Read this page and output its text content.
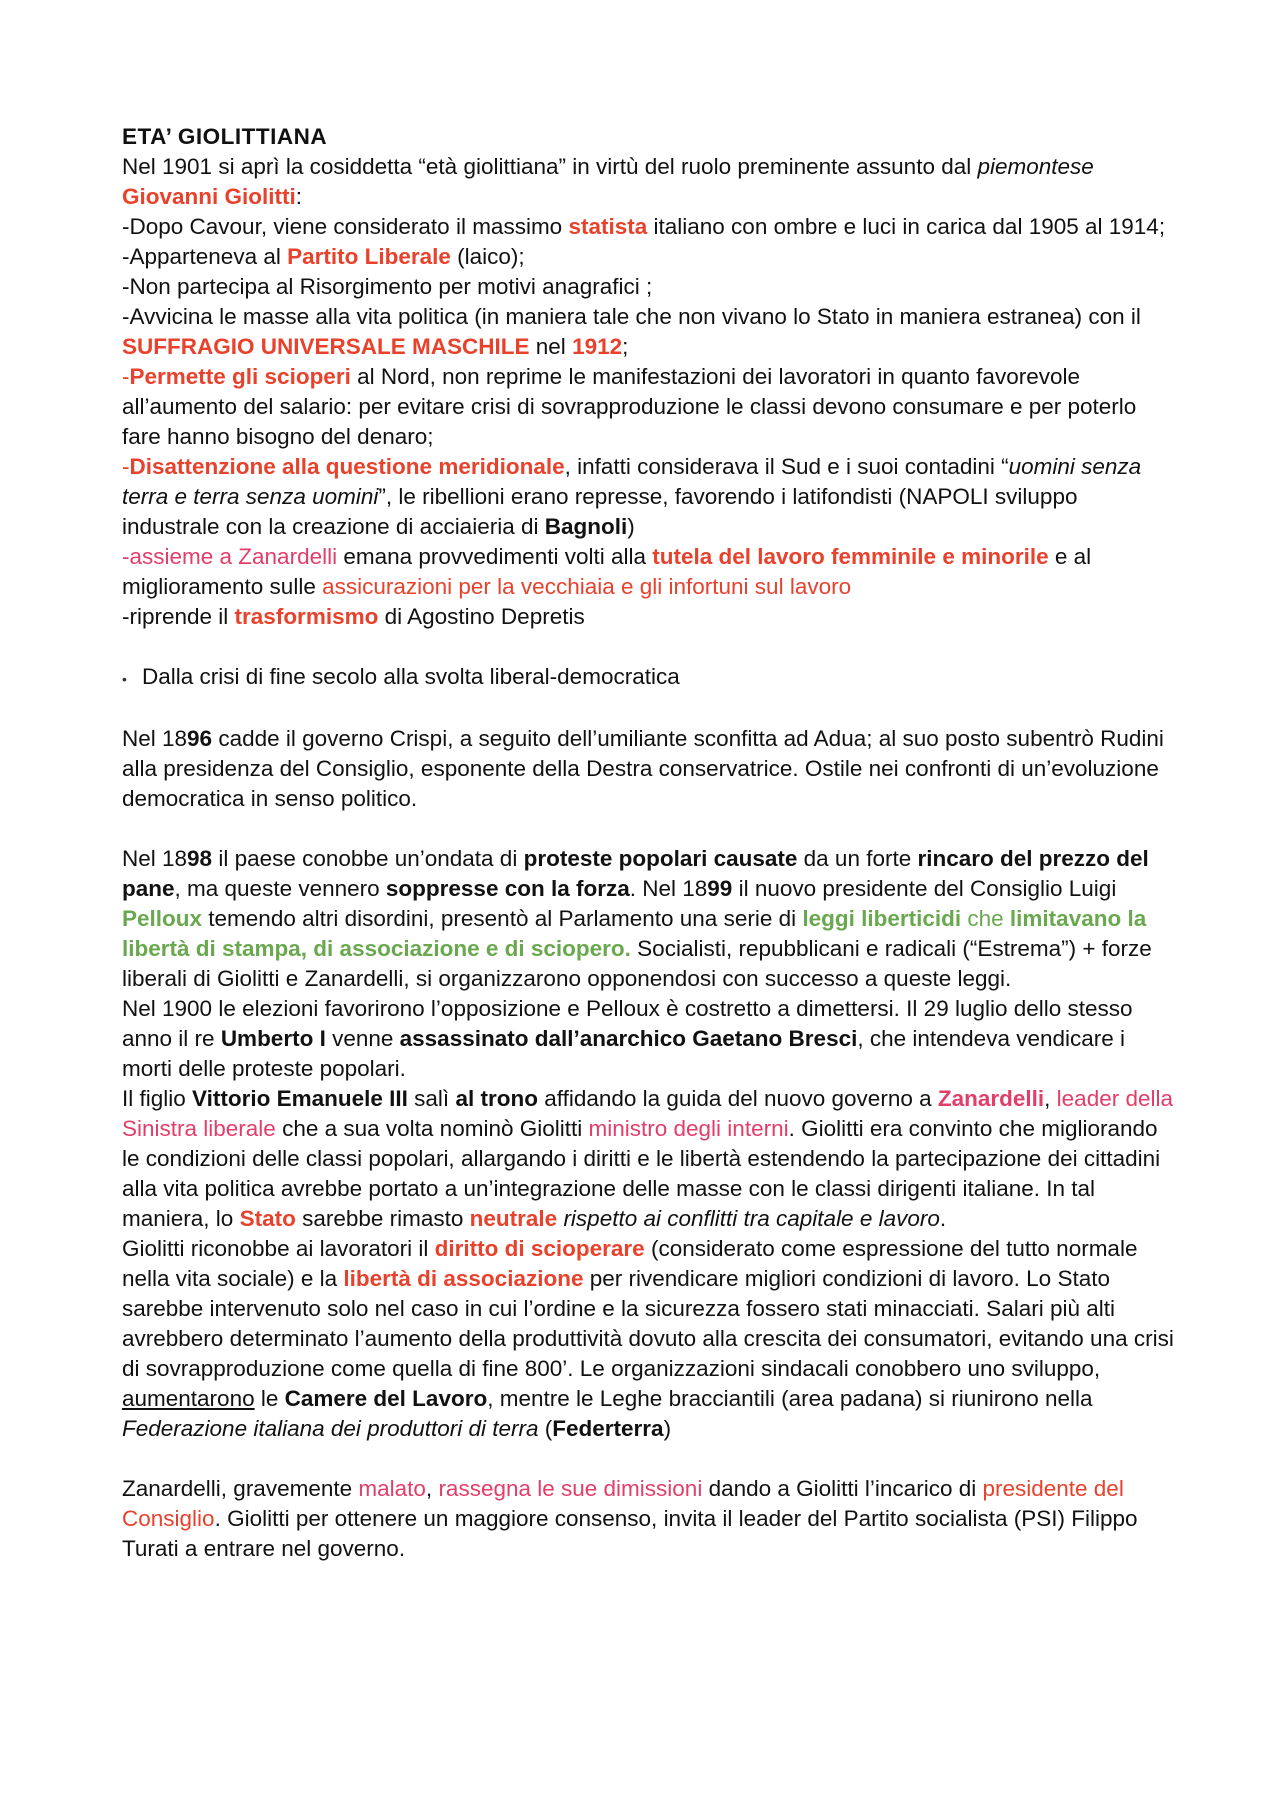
ETA’ GIOLITTIANA
Nel 1901 si aprì la cosiddetta “età giolittiana” in virtù del ruolo preminente assunto dal piemontese Giovanni Giolitti:
-Dopo Cavour, viene considerato il massimo statista italiano con ombre e luci in carica dal 1905 al 1914;
-Apparteneva al Partito Liberale (laico);
-Non partecipa al Risorgimento per motivi anagrafici ;
-Avvicina le masse alla vita politica (in maniera tale che non vivano lo Stato in maniera estranea) con il SUFFRAGIO UNIVERSALE MASCHILE nel 1912;
-Permette gli scioperi al Nord, non reprime le manifestazioni dei lavoratori in quanto favorevole all’aumento del salario: per evitare crisi di sovrapproduzione le classi devono consumare e per poterlo fare hanno bisogno del denaro;
-Disattenzione alla questione meridionale, infatti considerava il Sud e i suoi contadini “uomini senza terra e terra senza uomini”, le ribellioni erano represse, favorendo i latifondisti (NAPOLI sviluppo industrale con la creazione di acciaieria di Bagnoli)
-assieme a Zanardelli emana provvedimenti volti alla tutela del lavoro femminile e minorile e al miglioramento sulle assicurazioni per la vecchiaia e gli infortuni sul lavoro
-riprende il trasformismo di Agostino Depretis
• Dalla crisi di fine secolo alla svolta liberal-democratica
Nel 1896 cadde il governo Crispi, a seguito dell’umiliante sconfitta ad Adua; al suo posto subentrò Rudini alla presidenza del Consiglio, esponente della Destra conservatrice. Ostile nei confronti di un’evoluzione democratica in senso politico.
Nel 1898 il paese conobbe un’ondata di proteste popolari causate da un forte rincaro del prezzo del pane, ma queste vennero soppresse con la forza. Nel 1899 il nuovo presidente del Consiglio Luigi Pelloux temendo altri disordini, presentò al Parlamento una serie di leggi liberticidi che limitavano la libertà di stampa, di associazione e di sciopero. Socialisti, repubblicani e radicali (“Estrema”) + forze liberali di Giolitti e Zanardelli, si organizzarono opponendosi con successo a queste leggi.
Nel 1900 le elezioni favorirono l’opposizione e Pelloux è costretto a dimettersi. Il 29 luglio dello stesso anno il re Umberto I venne assassinato dall’anarchico Gaetano Bresci, che intendeva vendicare i morti delle proteste popolari.
Il figlio Vittorio Emanuele III salì al trono affidando la guida del nuovo governo a Zanardelli, leader della Sinistra liberale che a sua volta nominò Giolitti ministro degli interni. Giolitti era convinto che migliorando le condizioni delle classi popolari, allargando i diritti e le libertà estendendo la partecipazione dei cittadini alla vita politica avrebbe portato a un’integrazione delle masse con le classi dirigenti italiane. In tal maniera, lo Stato sarebbe rimasto neutrale rispetto ai conflitti tra capitale e lavoro.
Giolitti riconobbe ai lavoratori il diritto di scioperare (considerato come espressione del tutto normale nella vita sociale) e la libertà di associazione per rivendicare migliori condizioni di lavoro. Lo Stato sarebbe intervenuto solo nel caso in cui l’ordine e la sicurezza fossero stati minacciati. Salari più alti avrebbero determinato l’aumento della produttività dovuto alla crescita dei consumatori, evitando una crisi di sovrapproduzione come quella di fine 800’. Le organizzazioni sindacali conobbero uno sviluppo, aumentarono le Camere del Lavoro, mentre le Leghe bracciantili (area padana) si riunirono nella Federazione italiana dei produttori di terra (Federterra)
Zanardelli, gravemente malato, rassegna le sue dimissioni dando a Giolitti l’incarico di presidente del Consiglio. Giolitti per ottenere un maggiore consenso, invita il leader del Partito socialista (PSI) Filippo Turati a entrare nel governo.
